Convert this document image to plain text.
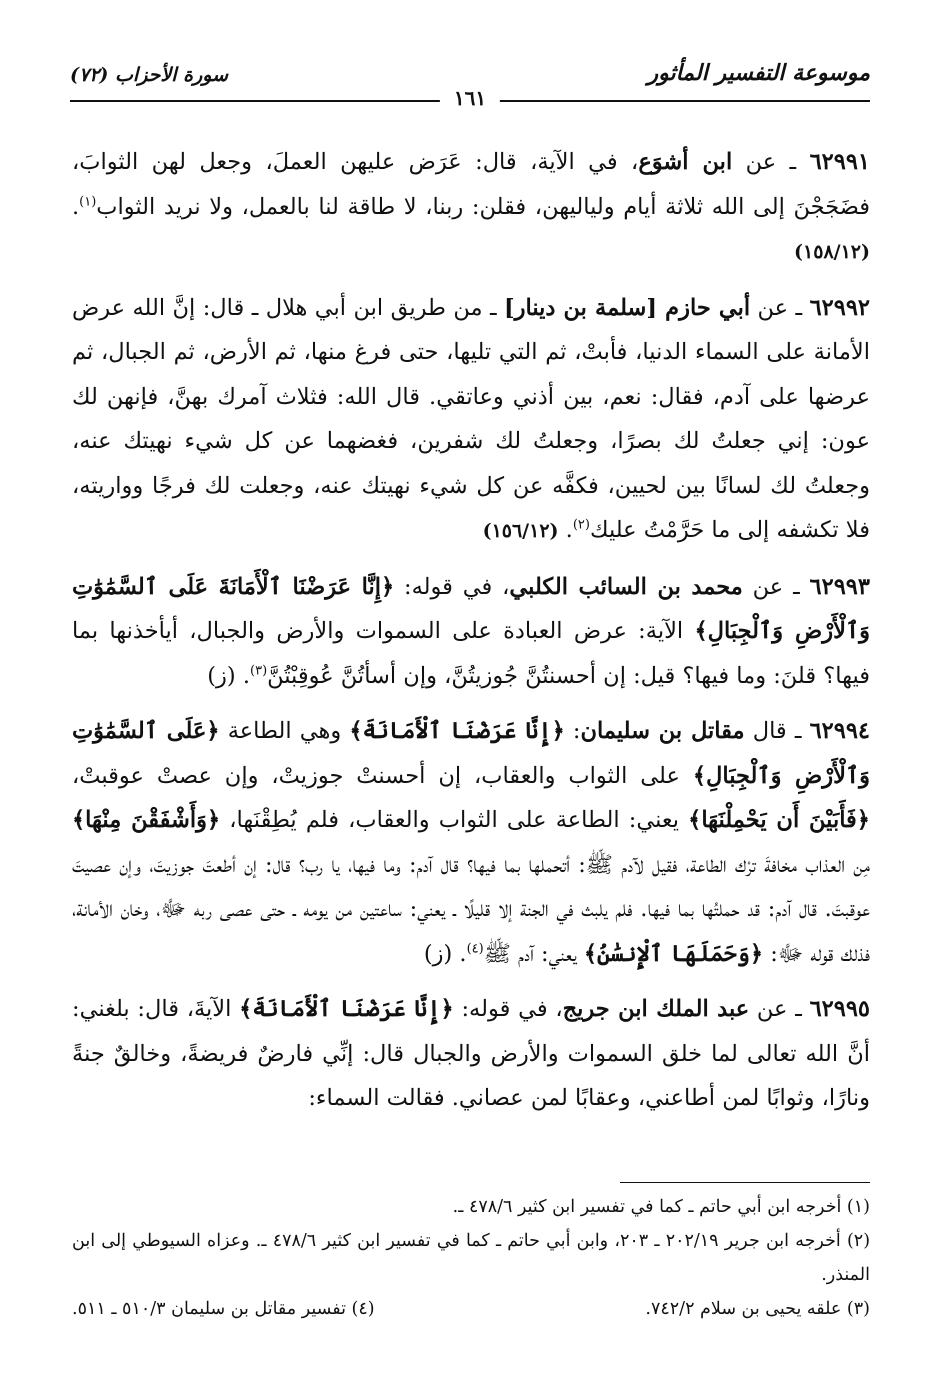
موسوعة التفسير المأثور
١٦١
سورة الأحزاب (٧٢)

٦٢٩٩١ ـ عن ابن أشوَع، في الآية، قال: عَرَض عليهن العملَ، وجعل لهن الثوابَ، فضَجَجْنَ إلى الله ثلاثة أيام ولياليهن، فقلن: ربنا، لا طاقة لنا بالعمل، ولا نريد الثواب$^{(١)}$. (١٥٨/١٢)

٦٢٩٩٢ ـ عن أبي حازم [سلمة بن دينار] ـ من طريق ابن أبي هلال ـ قال: إنَّ الله عرض الأمانة على السماء الدنيا، فأبتْ، ثم التي تليها، حتى فرغ منها، ثم الأرض، ثم الجبال، ثم عرضها على آدم، فقال: نعم، بين أذني وعاتقي. قال الله: فثلاث آمرك بهنَّ، فإنهن لك عون: إني جعلتُ لك بصرًا، وجعلتُ لك شفرين، فغضهما عن كل شيء نهيتك عنه، وجعلتُ لك لسانًا بين لحيين، فكفَّه عن كل شيء نهيتك عنه، وجعلت لك فرجًا وواريته، فلا تكشفه إلى ما حَرَّمْتُ عليك$^{(٢)}$. (١٥٦/١٢)

٦٢٩٩٣ ـ عن محمد بن السائب الكلبي، في قوله: ﴿إِنَّا عَرَضْنَا ٱلْأَمَانَةَ عَلَى ٱلسَّمَٰوَٰتِ وَٱلْأَرْضِ وَٱلْجِبَالِ﴾ الآية: عرض العبادة على السموات والأرض والجبال، أيأخذنها بما فيها؟ قلنَ: وما فيها؟ قيل: إن أحسنتُنَّ جُوزيتُنَّ، وإن أسأتُنَّ عُوقِبْتُنَّ$^{(٣)}$. (ز)

٦٢٩٩٤ ـ قال مقاتل بن سليمان: ﴿إِنَّا عَرَضْنَا ٱلْأَمَانَةَ﴾ وهي الطاعة ﴿عَلَى ٱلسَّمَٰوَٰتِ وَٱلْأَرْضِ وَٱلْجِبَالِ﴾ على الثواب والعقاب، إن أحسنتْ جوزيتْ، وإن عصتْ عوقبتْ، ﴿فَأَبَيْنَ أَن يَحْمِلْنَهَا﴾ يعني: الطاعة على الثواب والعقاب، فلم يُطِقْنَها، ﴿وَأَشْفَقْنَ مِنْهَا﴾ مِن العذاب مخافةَ ترْك الطاعة، فقيل لآدم ﷺ: أتحملها بما فيها؟ قال آدم: وما فيها، يا رب؟ قال: إن أطعتَ جوزيتَ، وإن عصيتَ عوقبتَ. قال آدم: قد حملتُها بما فيها. فلم يلبث في الجنة إلا قليلًا ـ يعني: ساعتين من يومه ـ حتى عصى ربه ﷻ، وخان الأمانة، فذلك قوله ﷻ: ﴿وَحَمَلَهَا ٱلْإِنسَٰنُ﴾ يعني: آدم ﷺ$^{(٤)}$. (ز)

٦٢٩٩٥ ـ عن عبد الملك ابن جريج، في قوله: ﴿إِنَّا عَرَضْنَا ٱلْأَمَانَةَ﴾ الآيةَ، قال: بلغني: أنَّ الله تعالى لما خلق السموات والأرض والجبال قال: إنِّي فارضٌ فريضةً، وخالقٌ جنةً ونارًا، وثوابًا لمن أطاعني، وعقابًا لمن عصاني. فقالت السماء:

(١) أخرجه ابن أبي حاتم ـ كما في تفسير ابن كثير ٤٧٨/٦ ـ.

(٢) أخرجه ابن جرير ٢٠٢/١٩ ـ ٢٠٣، وابن أبي حاتم ـ كما في تفسير ابن كثير ٤٧٨/٦ ـ. وعزاه السيوطي إلى ابن المنذر.

(٣) علقه يحيى بن سلام ٧٤٢/٢.
(٤) تفسير مقاتل بن سليمان ٥١٠/٣ ـ ٥١١.
